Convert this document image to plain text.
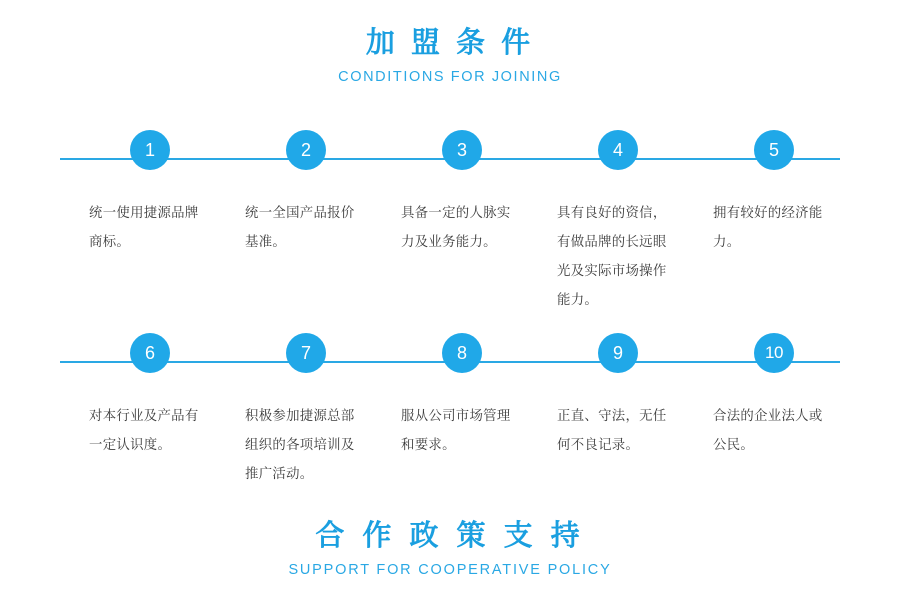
加 盟 条 件
CONDITIONS FOR JOINING
1
统一使用捷源品牌商标。
2
统一全国产品报价基准。
3
具备一定的人脉实力及业务能力。
4
具有良好的资信，有做品牌的长远眼光及实际市场操作能力。
5
拥有较好的经济能力。
6
对本行业及产品有一定认识度。
7
积极参加捷源总部组织的各项培训及推广活动。
8
服从公司市场管理和要求。
9
正直、守法，无任何不良记录。
10
合法的企业法人或公民。
合 作 政 策 支 持
SUPPORT FOR COOPERATIVE POLICY
